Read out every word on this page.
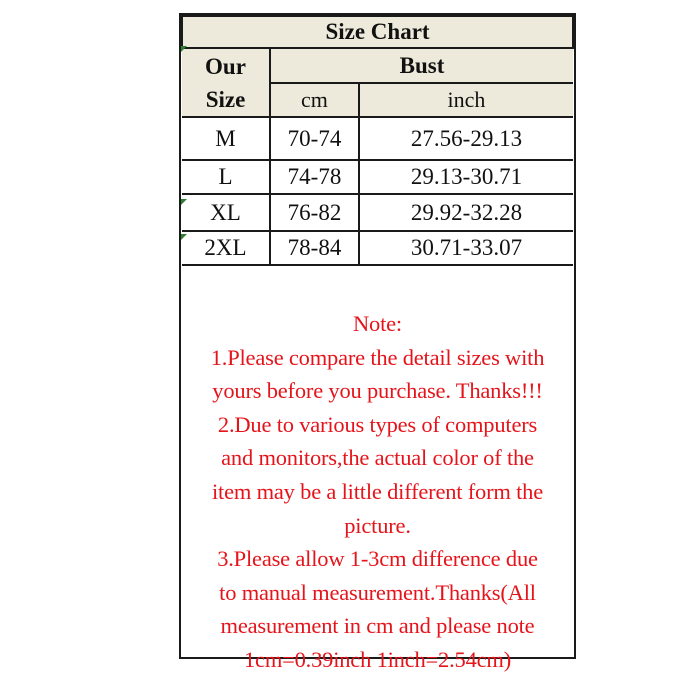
Size Chart		
Our
Size	Bust	
	cm	inch
M	70-74	27.56-29.13
L	74-78	29.13-30.71
XL	76-82	29.92-32.28
2XL	78-84	30.71-33.07
Note:
1.Please compare the detail sizes with
yours before you purchase. Thanks!!!
2.Due to various types of computers
and monitors,the actual color of the
item may be a little different form the
picture.
3.Please allow 1-3cm difference due
to manual measurement.Thanks(All
measurement in cm and please note
1cm=0.39inch 1inch=2.54cm)
